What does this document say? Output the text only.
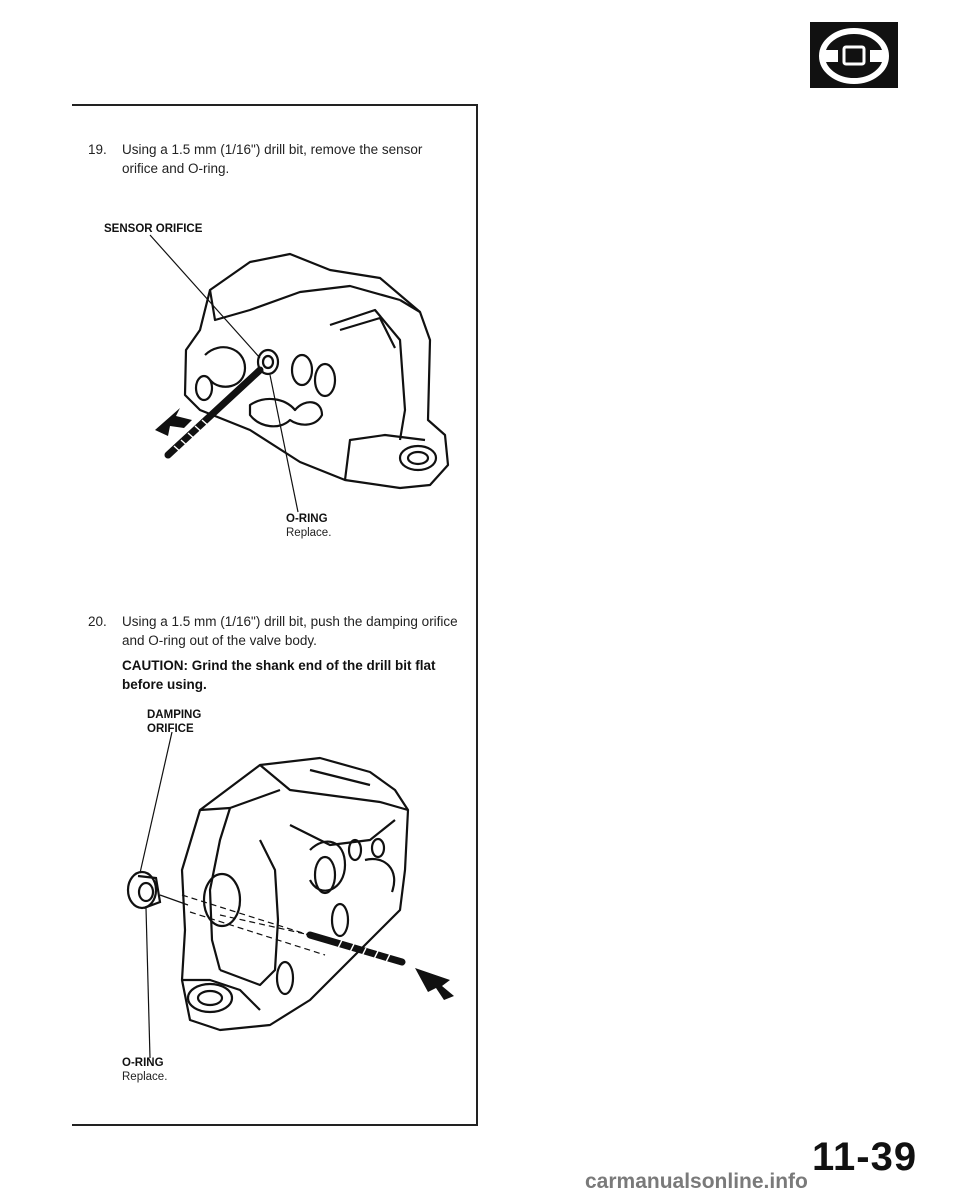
19. Using a 1.5 mm (1/16") drill bit, remove the sensor orifice and O-ring.
SENSOR ORIFICE
O-RING
Replace.
20. Using a 1.5 mm (1/16") drill bit, push the damping orifice and O-ring out of the valve body.
CAUTION: Grind the shank end of the drill bit flat before using.
DAMPING
ORIFICE
O-RING
Replace.
11-39
carmanualsonline.info
